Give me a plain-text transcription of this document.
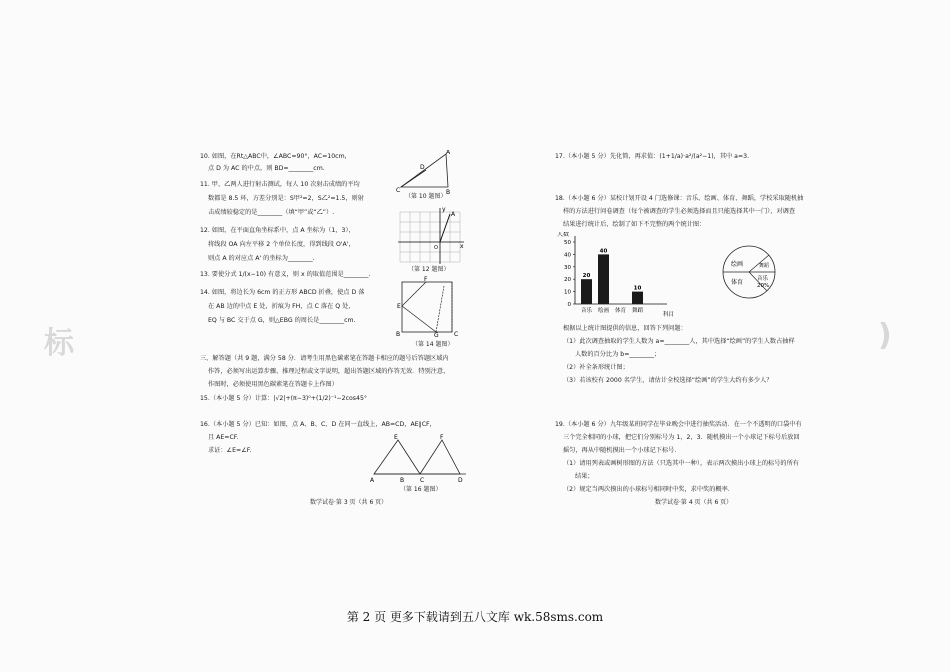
标	)
10. 如图，在Rt△ABC中，∠ABC=90°，AC=10cm，
点 D 为 AC 的中点，则 BD=________cm.
A
C	B
D
（第 10 题图）
11. 甲、乙两人进行射击测试，每人 10 次射击成绩的平均
数都是 8.5 环，方差分别是：S甲²=2，S乙²=1.5，则射
击成绩较稳定的是________（填“甲”或“乙”）.	A
y
x
O
（第 12 题图）
12. 如图，在平面直角坐标系中，点 A 坐标为（1，3），
将线段 OA 向左平移 2 个单位长度，得到线段 O'A'，
则点 A 的对应点 A' 的坐标为________.
13. 要使分式 1/(x−10) 有意义，则 x 的取值范围是________.
14. 如图，将边长为 6cm 的正方形 ABCD 折叠，使点 D 落
在 AB 边的中点 E 处，折痕为 FH，点 C 落在 Q 处，
EQ 与 BC 交于点 G，则△EBG 的周长是________cm.
E
F
B	G	C
（第 14 题图）
三、解答题（共 9 题，满分 58 分．请考生用黑色碳素笔在答题卡相应的题号后答题区域内
作答，必须写出运算步骤、推理过程或文字说明，超出答题区域的作答无效．特别注意，
作图时，必须使用黑色碳素笔在答题卡上作图）
15.（本小题 5 分）计算：|√2|+(π−3)⁰+(1/2)⁻¹−2cos45°
16.（本小题 5 分）已知：如图，点 A、B、C、D 在同一直线上，AB=CD，AE∥CF，
且 AE=CF.
求证：∠E=∠F.
E	F
A	B	C	D
（第 16 题图）
数学试卷·第 3 页（共 6 页）
17.（本小题 5 分）先化简，再求值：(1+1/a)·a²/(a²−1)，其中 a=3.
18.（本小题 6 分）某校计划开设 4 门选修课：音乐、绘画、体育、舞蹈，学校采取随机抽
样的方法进行问卷调查（每个被调查的学生必须选择而且只能选择其中一门），对调查
结果进行统计后，绘制了如下不完整的两个统计图：
0
10
20
30
40
50
人数
科目
20
音乐
40
绘画 体育
10
舞蹈
绘画	舞蹈
音乐
20%
体育
根据以上统计图提供的信息，回答下列问题：
（1）此次调查抽取的学生人数为 a=________人，其中选择“绘画”的学生人数占抽样
人数的百分比为 b=________；
（2）补全条形统计图；
（3）若该校有 2000 名学生，请估计全校选择“绘画”的学生大约有多少人？
19.（本小题 6 分）九年级某班同学在毕业晚会中进行抽奖活动．在一个不透明的口袋中有
三个完全相同的小球，把它们分别标号为 1，2，3．随机摸出一个小球记下标号后放回
摇匀，再从中随机摸出一个小球记下标号．
（1）请用列表或画树形图的方法（只选其中一种），表示两次摸出小球上的标号的所有
结果；
（2）规定当两次摸出的小球标号相同时中奖，求中奖的概率．
数学试卷·第 4 页（共 6 页）
第 2 页 更多下载请到五八文库 wk.58sms.com
